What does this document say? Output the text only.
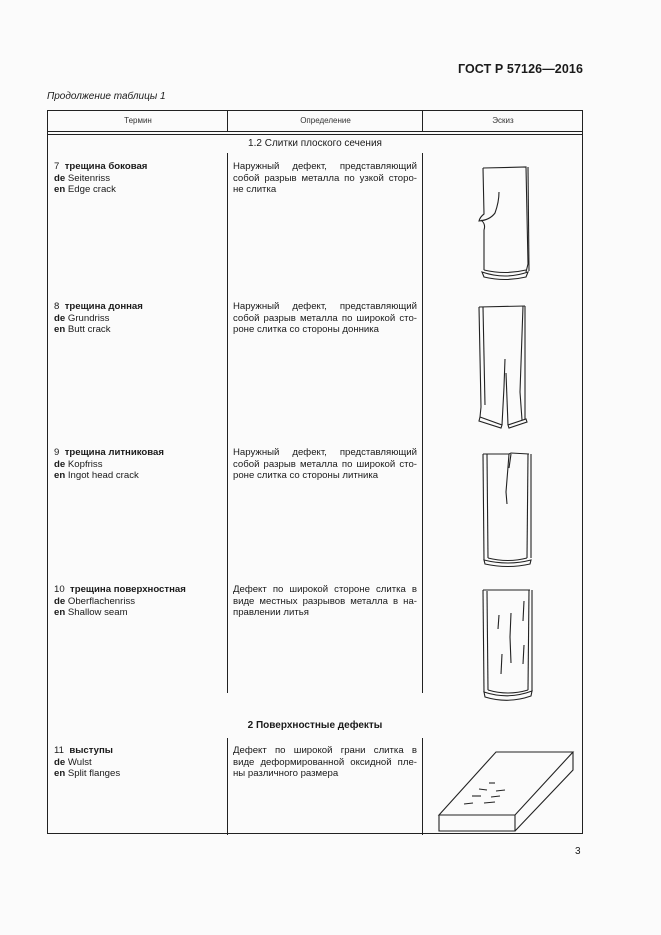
ГОСТ Р 57126—2016
Продолжение таблицы 1
Термин	Определение	Эскиз
1.2 Слитки плоского сечения
7 трещина боковая
de Seitenriss
en Edge crack
Наружный дефект, представляющий
собой разрыв металла по узкой сторо-
не слитка
8 трещина донная
de Grundriss
en Butt crack
Наружный дефект, представляющий
собой разрыв металла по широкой сто-
роне слитка со стороны донника
9 трещина литниковая
de Kopfriss
en Ingot head crack
Наружный дефект, представляющий
собой разрыв металла по широкой сто-
роне слитка со стороны литника
10 трещина поверхностная
de Oberflachenriss
en Shallow seam
Дефект по широкой стороне слитка в
виде местных разрывов металла в на-
правлении литья
2 Поверхностные дефекты
11 выступы
de Wulst
en Split flanges
Дефект по широкой грани слитка в
виде деформированной оксидной пле-
ны различного размера
3
